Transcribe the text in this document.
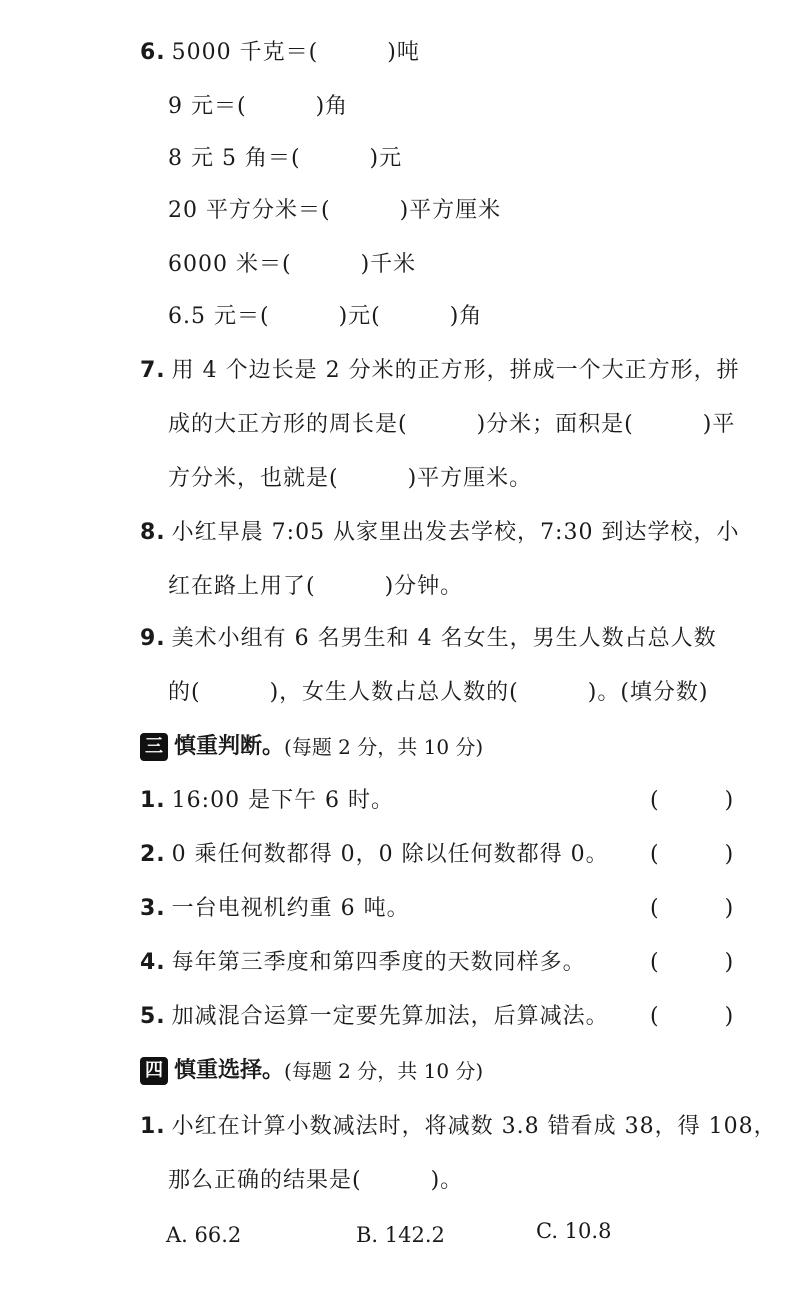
6. 5000 千克＝(　　　)吨
9 元＝(　　　)角
8 元 5 角＝(　　　)元
20 平方分米＝(　　　)平方厘米
6000 米＝(　　　)千米
6.5 元＝(　　　)元(　　　)角
7. 用 4 个边长是 2 分米的正方形，拼成一个大正方形，拼
成的大正方形的周长是(　　　)分米；面积是(　　　)平
方分米，也就是(　　　)平方厘米。
8. 小红早晨 7:05 从家里出发去学校，7:30 到达学校，小
红在路上用了(　　　)分钟。
9. 美术小组有 6 名男生和 4 名女生，男生人数占总人数
的(　　　)，女生人数占总人数的(　　　)。(填分数)
三 慎重判断。 (每题 2 分，共 10 分)
1. 16:00 是下午 6 时。	(　　　)
2. 0 乘任何数都得 0，0 除以任何数都得 0。 (　　　)
3. 一台电视机约重 6 吨。	(　　　)
4. 每年第三季度和第四季度的天数同样多。	(　　　)
5. 加减混合运算一定要先算加法，后算减法。 (　　　)
四 慎重选择。 (每题 2 分，共 10 分)
1. 小红在计算小数减法时，将减数 3.8 错看成 38，得 108，
那么正确的结果是(　　　)。
A. 66.2	B. 142.2	C. 10.8
